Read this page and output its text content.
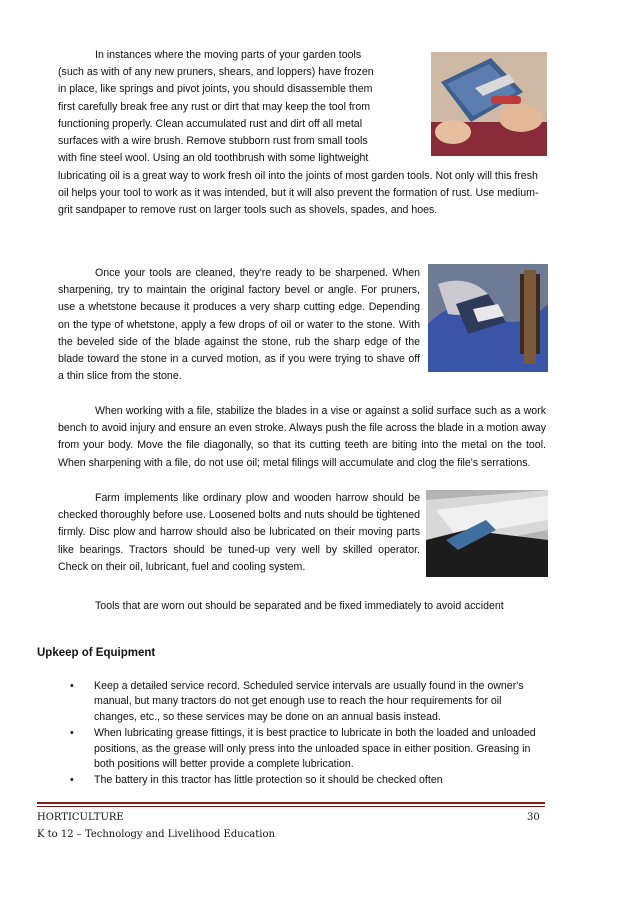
In instances where the moving parts of your garden tools
(such as with of any new pruners, shears, and loppers) have frozen
in place, like springs and pivot joints, you should disassemble them
first carefully break free any rust or dirt that may keep the tool from
functioning properly. Clean accumulated rust and dirt off all metal
surfaces with a wire brush. Remove stubborn rust from small tools
with fine steel wool. Using an old toothbrush with some lightweight

lubricating oil is a great way to work fresh oil into the joints of most garden tools. Not only will this fresh oil helps your tool to work as it was intended, but it will also prevent the formation of rust. Use medium-grit sandpaper to remove rust on larger tools such as shovels, spades, and hoes.

Once your tools are cleaned, they're ready to be sharpened. When sharpening, try to maintain the original factory bevel or angle. For pruners, use a whetstone because it produces a very sharp cutting edge. Depending on the type of whetstone, apply a few drops of oil or water to the stone. With the beveled side of the blade against the stone, rub the sharp edge of the blade toward the stone in a curved motion, as if you were trying to shave off a thin slice from the stone.

When working with a file, stabilize the blades in a vise or against a solid surface such as a work bench to avoid injury and ensure an even stroke. Always push the file across the blade in a motion away from your body. Move the file diagonally, so that its cutting teeth are biting into the metal on the tool. When sharpening with a file, do not use oil; metal filings will accumulate and clog the file's serrations.

Farm implements like ordinary plow and wooden harrow should be checked thoroughly before use. Loosened bolts and nuts should be tightened firmly. Disc plow and harrow should also be lubricated on their moving parts like bearings. Tractors should be tuned-up very well by skilled operator. Check on their oil, lubricant, fuel and cooling system.

Tools that are worn out should be separated and be fixed immediately to avoid accident

Upkeep of Equipment
• Keep a detailed service record. Scheduled service intervals are usually found in the owner's manual, but many tractors do not get enough use to reach the hour requirements for oil changes, etc., so these services may be done on an annual basis instead.
• When lubricating grease fittings, it is best practice to lubricate in both the loaded and unloaded positions, as the grease will only press into the unloaded space in either position. Greasing in both positions will better provide a complete lubrication.
• The battery in this tractor has little protection so it should be checked often
HORTICULTURE	30
K to 12 – Technology and Livelihood Education
